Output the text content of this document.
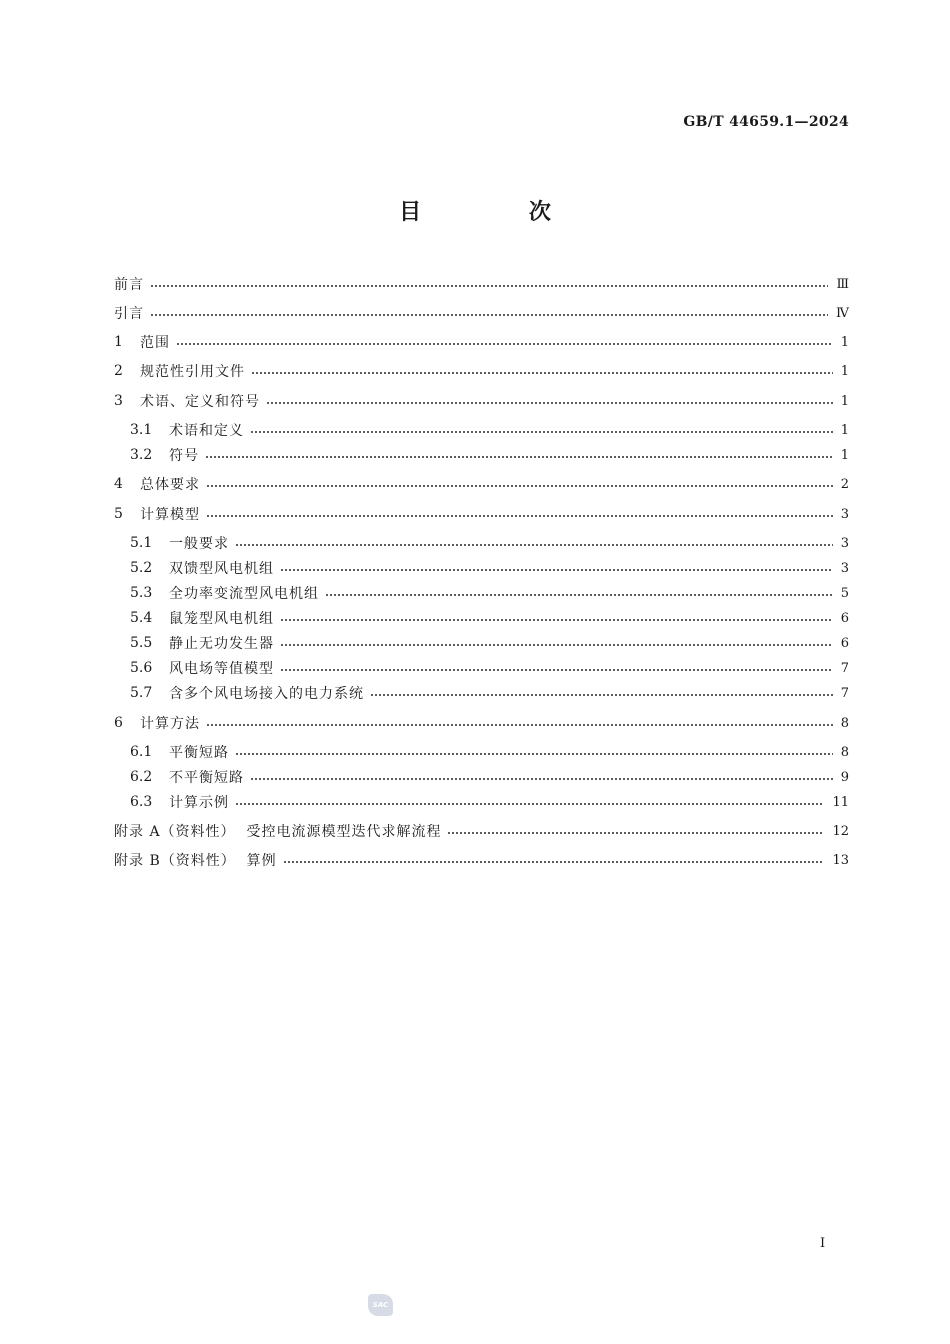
GB/T 44659.1—2024
目 次
前言	Ⅲ
引言	Ⅳ
1	范围	1
2	规范性引用文件	1
3	术语、定义和符号	1
3.1	术语和定义	1
3.2	符号	1
4	总体要求	2
5	计算模型	3
5.1	一般要求	3
5.2	双馈型风电机组	3
5.3	全功率变流型风电机组	5
5.4	鼠笼型风电机组	6
5.5	静止无功发生器	6
5.6	风电场等值模型	7
5.7	含多个风电场接入的电力系统	7
6	计算方法	8
6.1	平衡短路	8
6.2	不平衡短路	9
6.3	计算示例	11
附录 A（资料性）  受控电流源模型迭代求解流程	12
附录 B（资料性）  算例	13
I
SAC
